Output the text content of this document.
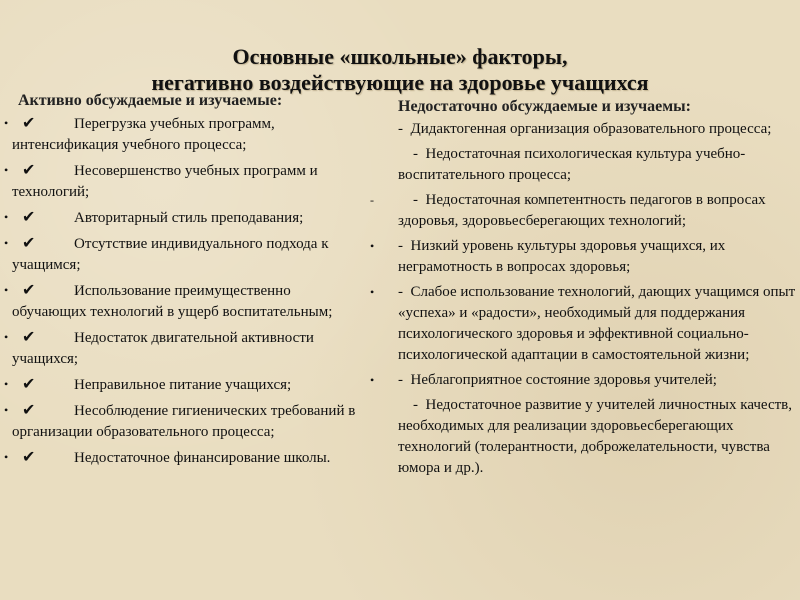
Основные «школьные» факторы,
негативно воздействующие на здоровье учащихся
Активно обсуждаемые и изучаемые:
• ✔	Перегрузка учебных программ, интенсификация учебного процесса;
• ✔	Несовершенство учебных программ и технологий;
• ✔	Авторитарный стиль преподавания;
• ✔	Отсутствие индивидуального подхода к учащимся;
• ✔	Использование преимущественно обучающих технологий в ущерб воспитательным;
• ✔	Недостаток двигательной активности учащихся;
• ✔	Неправильное питание учащихся;
• ✔	Несоблюдение гигиенических требований в организации образовательного процесса;
• ✔	Недостаточное финансирование школы.
Недостаточно обсуждаемые и изучаемы:
-  Дидактогенная организация образовательного процесса;
-  Недостаточная психологическая культура учебно-воспитательного процесса;
- -  Недостаточная компетентность педагогов в вопросах здоровья, здоровьесберегающих технологий;
• -  Низкий уровень культуры здоровья учащихся, их неграмотность в вопросах здоровья;
• -  Слабое использование технологий, дающих учащимся опыт «успеха» и «радости», необходимый для поддержания психологического здоровья и эффективной социально-психологической адаптации в самостоятельной жизни;
• -  Неблагоприятное состояние здоровья учителей;
-  Недостаточное развитие у учителей личностных качеств, необходимых для реализации здоровьесберегающих технологий (толерантности, доброжелательности, чувства юмора и др.).
